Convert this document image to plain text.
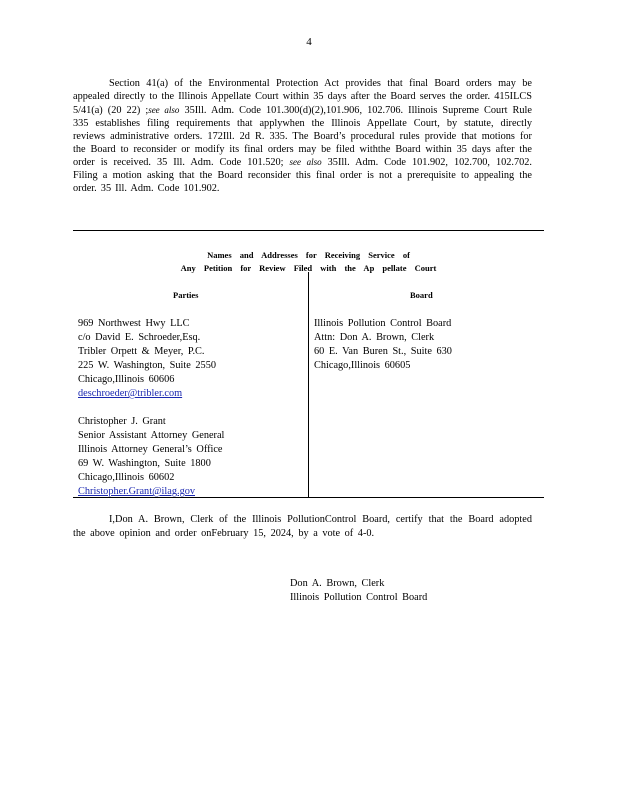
4

Section 41(a) of the Environmental Protection Act provides that final Board orders may be appealed directly to the Illinois Appellate Court within 35 days after the Board serves the order. 415ILCS 5/41(a) (20 22) ;see also 35Ill. Adm. Code 101.300(d)(2),101.906, 102.706. Illinois Supreme Court Rule 335 establishes filing requirements that applywhen the Illinois Appellate Court, by statute, directly reviews administrative orders. 172Ill. 2d R. 335. The Board’s procedural rules provide that motions for the Board to reconsider or modify its final orders may be filed withthe Board within 35 days after the order is received. 35 Ill. Adm. Code 101.520; see also 35Ill. Adm. Code 101.902, 102.700, 102.702. Filing a motion asking that the Board reconsider this final order is not a prerequisite to appealing the order. 35 Ill. Adm. Code 101.902.

Names and Addresses for Receiving Service of
Any Petition for Review Filed with the Ap pellate Court
Parties	Board
969 Northwest Hwy LLC
c/o David E. Schroeder,Esq.
Tribler Orpett & Meyer, P.C.
225 W. Washington, Suite 2550
Chicago,Illinois 60606
deschroeder@tribler.com
Christopher J. Grant
Senior Assistant Attorney General
Illinois Attorney General’s Office
69 W. Washington, Suite 1800
Chicago,Illinois 60602
Christopher.Grant@ilag.gov
Illinois Pollution Control Board
Attn: Don A. Brown, Clerk
60 E. Van Buren St., Suite 630
Chicago,Illinois 60605

I,Don A. Brown, Clerk of the Illinois PollutionControl Board, certify that the Board adopted the above opinion and order onFebruary 15, 2024, by a vote of 4-0.

Don A. Brown, Clerk
Illinois Pollution Control Board
